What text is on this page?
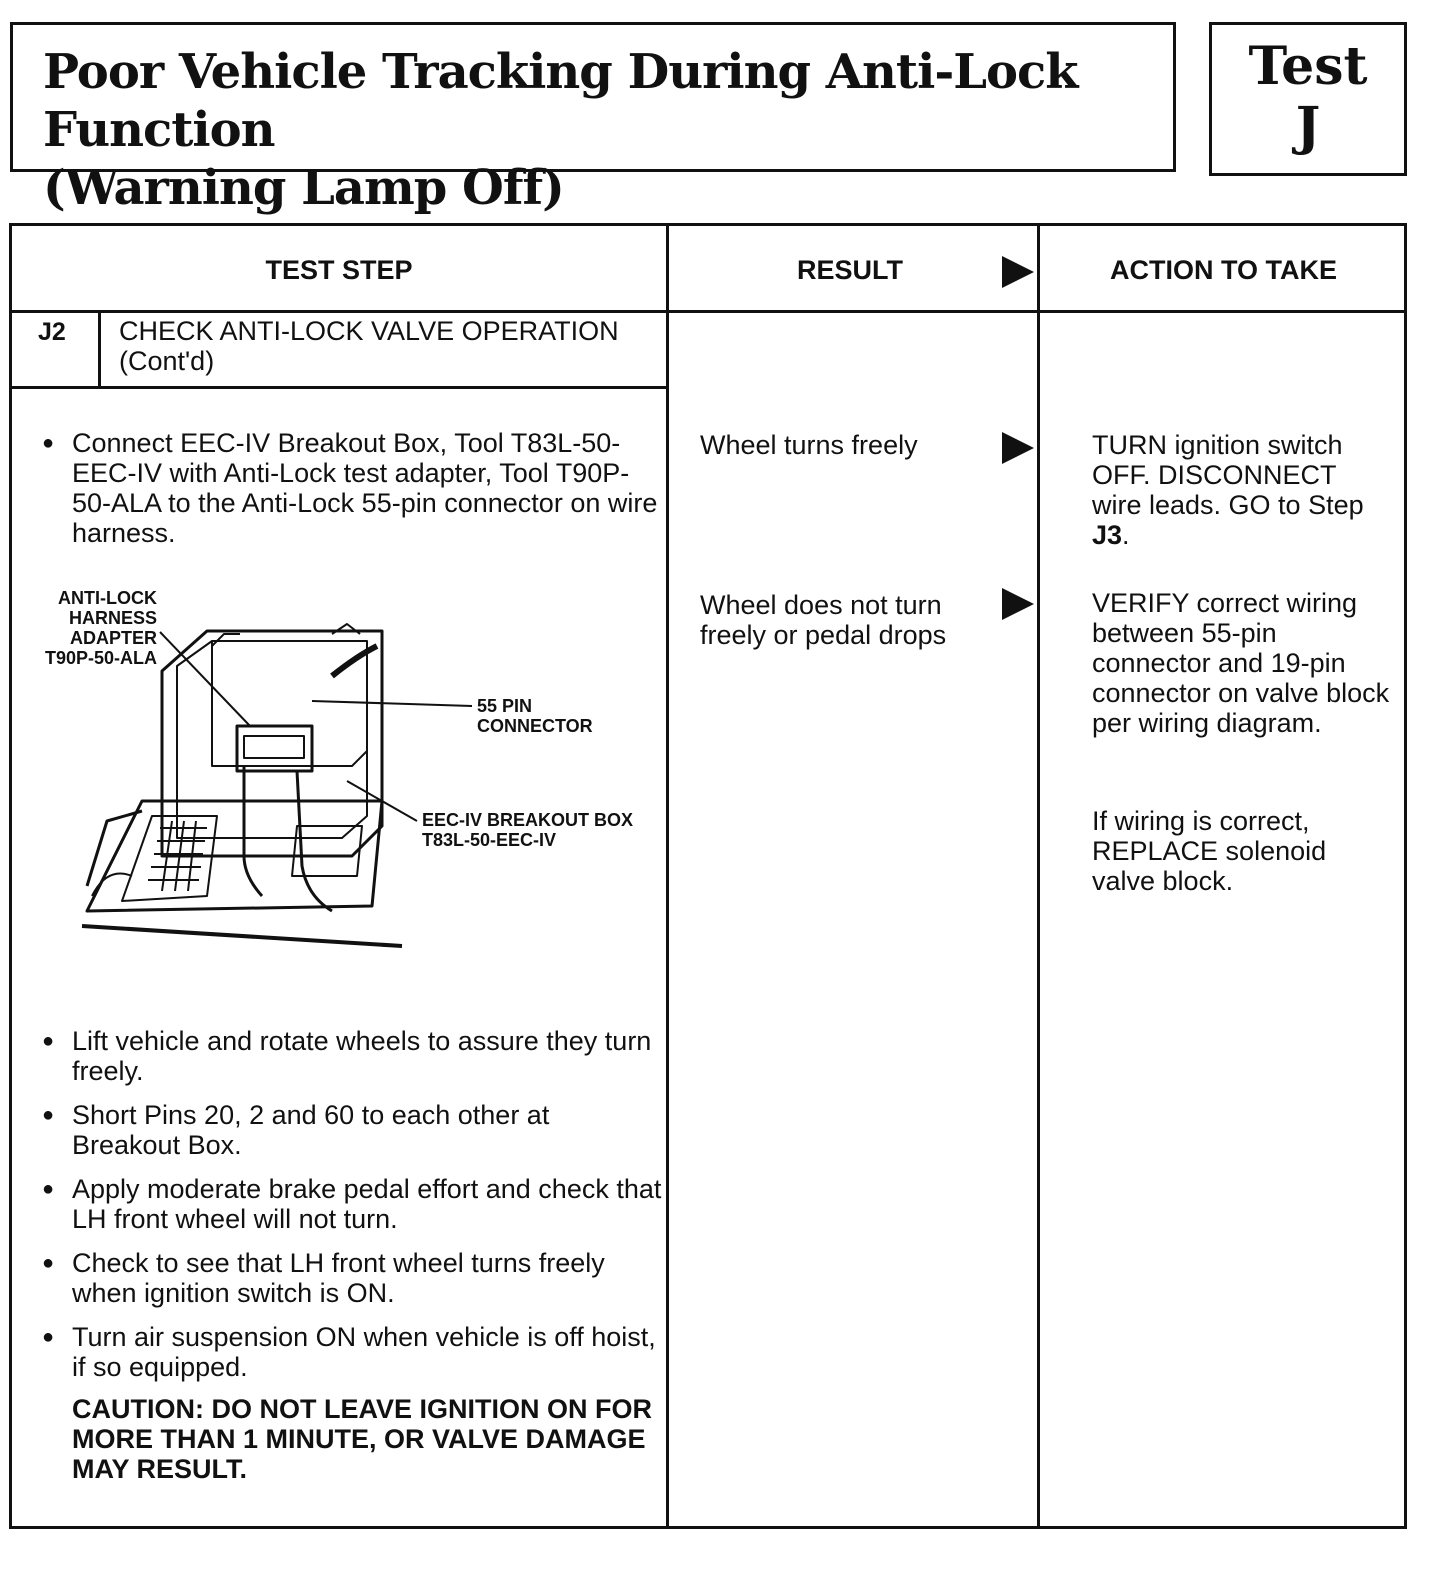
Poor Vehicle Tracking During Anti-Lock Function
(Warning Lamp Off)
Test
J
TEST STEP	RESULT	ACTION TO TAKE
J2 CHECK ANTI-LOCK VALVE OPERATION
(Cont'd)
● Connect EEC-IV Breakout Box, Tool T83L-50-EEC-IV with Anti-Lock test adapter, Tool T90P-50-ALA to the Anti-Lock 55-pin connector on wire harness.
ANTI-LOCK
HARNESS
ADAPTER
T90P-50-ALA
55 PIN
CONNECTOR
EEC-IV BREAKOUT BOX
T83L-50-EEC-IV
● Lift vehicle and rotate wheels to assure they turn freely.
● Short Pins 20, 2 and 60 to each other at Breakout Box.
● Apply moderate brake pedal effort and check that LH front wheel will not turn.
● Check to see that LH front wheel turns freely when ignition switch is ON.
● Turn air suspension ON when vehicle is off hoist, if so equipped.
CAUTION: DO NOT LEAVE IGNITION ON FOR MORE THAN 1 MINUTE, OR VALVE DAMAGE MAY RESULT.
Wheel turns freely
Wheel does not turn freely or pedal drops
TURN ignition switch OFF. DISCONNECT wire leads. GO to Step J3.
VERIFY correct wiring between 55-pin connector and 19-pin connector on valve block per wiring diagram.
If wiring is correct, REPLACE solenoid valve block.
